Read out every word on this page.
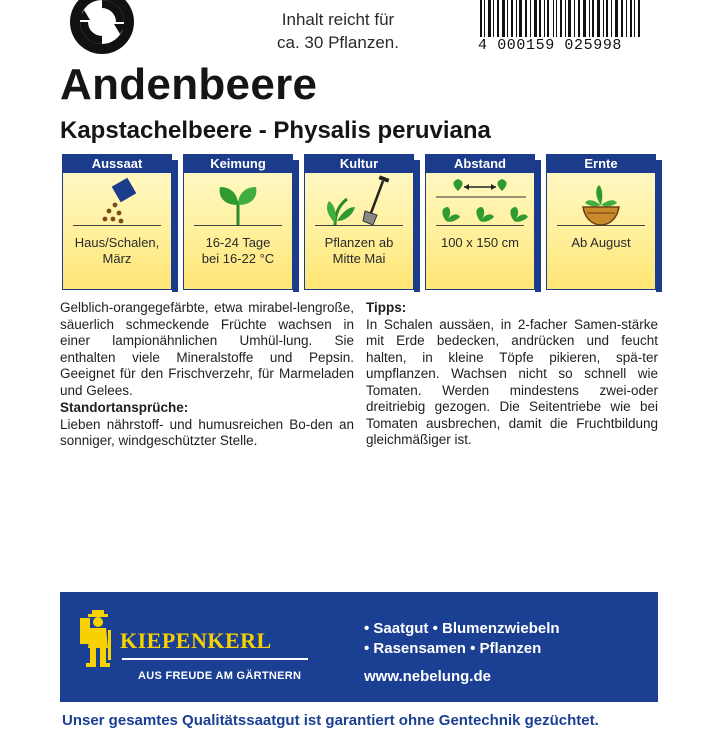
Inhalt reicht für
ca. 30 Pflanzen.	4 000159 025998
Andenbeere
Kapstachelbeere - Physalis peruviana
Aussaat
Haus/Schalen,
März
Keimung
16-24 Tage
bei 16-22 °C
Kultur
Pflanzen ab
Mitte Mai
Abstand
100 x 150 cm
Ernte
Ab August

Gelblich-orangegefärbte, etwa mirabel-lengroße, säuerlich schmeckende Früchte wachsen in einer lampionähnlichen Umhül-lung. Sie enthalten viele Mineralstoffe und Pepsin. Geeignet für den Frischverzehr, für Marmeladen und Gelees.

Standortansprüche:

Lieben nährstoff- und humusreichen Bo-den an sonniger, windgeschützter Stelle.

Tipps:

In Schalen aussäen, in 2-facher Samen-stärke mit Erde bedecken, andrücken und feucht halten, in kleine Töpfe pikieren, spä-ter umpflanzen. Wachsen nicht so schnell wie Tomaten. Werden mindestens zwei-oder dreitriebig gezogen. Die Seitentriebe wie bei Tomaten ausbrechen, damit die Fruchtbildung gleichmäßiger ist.

KIEPENKERL
AUS FREUDE AM GÄRTNERN
• Saatgut • Blumenzwiebeln
• Rasensamen • Pflanzen
www.nebelung.de
Unser gesamtes Qualitätssaatgut ist garantiert ohne Gentechnik gezüchtet.
